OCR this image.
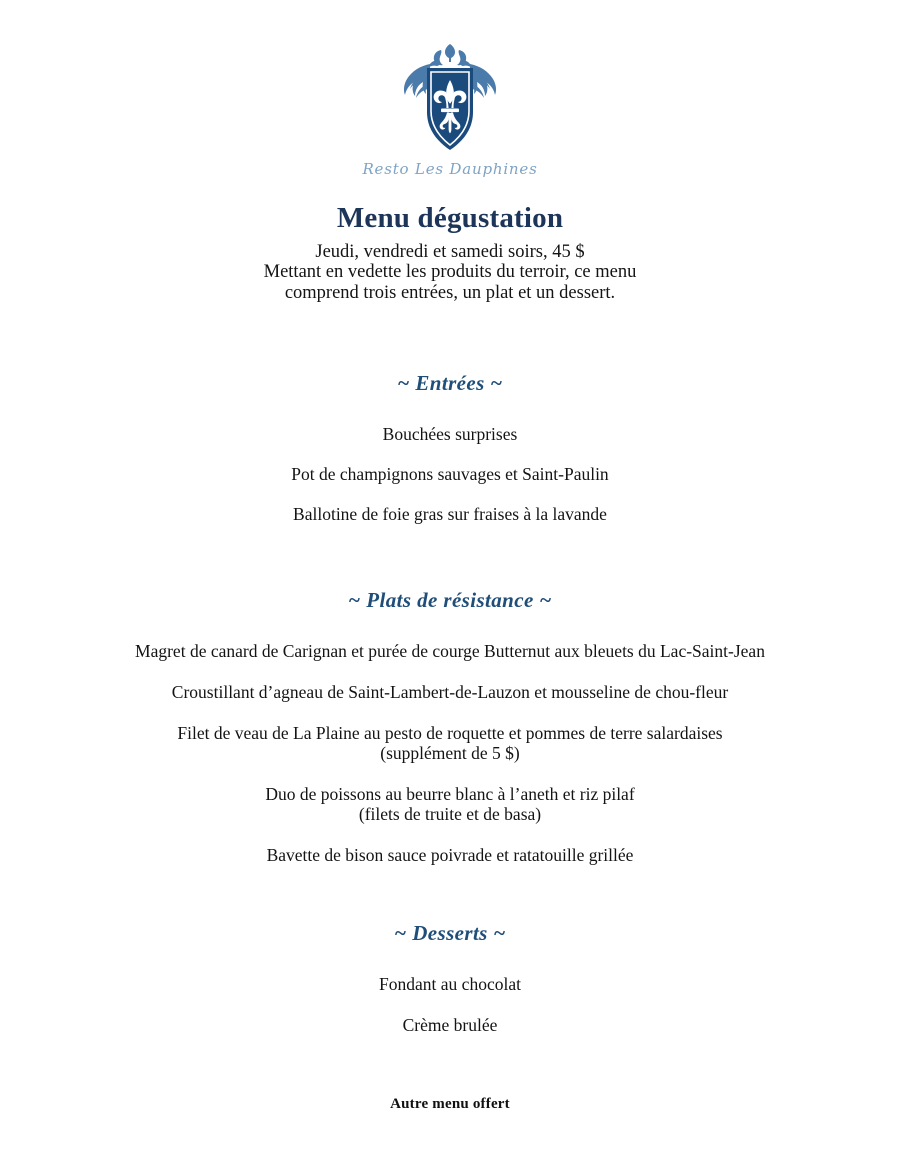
Resto Les Dauphines
Menu dégustation

Jeudi, vendredi et samedi soirs, 45 $

Mettant en vedette les produits du terroir, ce menu

comprend trois entrées, un plat et un dessert.

~ Entrées ~

Bouchées surprises

Pot de champignons sauvages et Saint-Paulin

Ballotine de foie gras sur fraises à la lavande

~ Plats de résistance ~

Magret de canard de Carignan et purée de courge Butternut aux bleuets du Lac-Saint-Jean

Croustillant d’agneau de Saint-Lambert-de-Lauzon et mousseline de chou-fleur

Filet de veau de La Plaine au pesto de roquette et pommes de terre salardaises
(supplément de 5 $)

Duo de poissons au beurre blanc à l’aneth et riz pilaf
(filets de truite et de basa)

Bavette de bison sauce poivrade et ratatouille grillée

~ Desserts ~

Fondant au chocolat

Crème brulée

Autre menu offert
